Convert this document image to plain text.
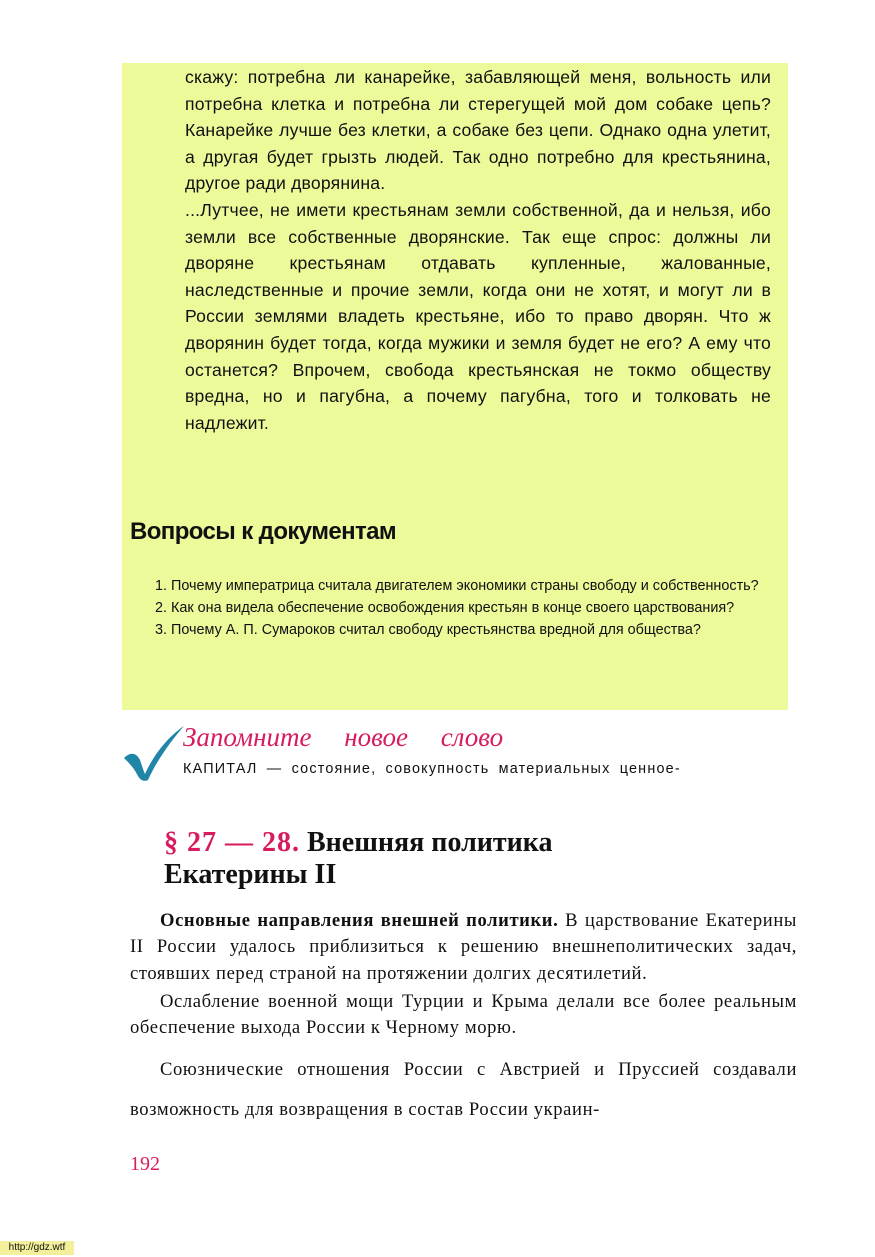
скажу: потребна ли канарейке, забавляющей меня, вольность или потребна клетка и потребна ли стерегущей мой дом собаке цепь? Канарейке лучше без клетки, а собаке без цепи. Однако одна улетит, а другая будет грызть людей. Так одно потребно для крестьянина, другое ради дворянина.

...Лутчее, не имети крестьянам земли собственной, да и нельзя, ибо земли все собственные дворянские. Так еще спрос: должны ли дворяне крестьянам отдавать купленные, жалованные, наследственные и прочие земли, когда они не хотят, и могут ли в России землями владеть крестьяне, ибо то право дворян. Что ж дворянин будет тогда, когда мужики и земля будет не его? А ему что останется? Впрочем, свобода крестьянская не токмо обществу вредна, но и пагубна, а почему пагубна, того и толковать не надлежит.

Вопросы к документам
1. Почему императрица считала двигателем экономики страны свободу и собственность?
2. Как она видела обеспечение освобождения крестьян в конце своего царствования?
3. Почему А. П. Сумароков считал свободу крестьянства вредной для общества?

Запомните новое слово

КАПИТАЛ — состояние, совокупность материальных ценное-

§ 27 — 28. Внешняя политика
Екатерины II

Основные направления внешней политики. В царствование Екатерины II России удалось приблизиться к решению внешнеполитических задач, стоявших перед страной на протяжении долгих десятилетий.

Ослабление военной мощи Турции и Крыма делали все более реальным обеспечение выхода России к Черному морю.

Союзнические отношения России с Австрией и Пруссией создавали возможность для возвращения в состав России украин-

192

http://gdz.wtf
